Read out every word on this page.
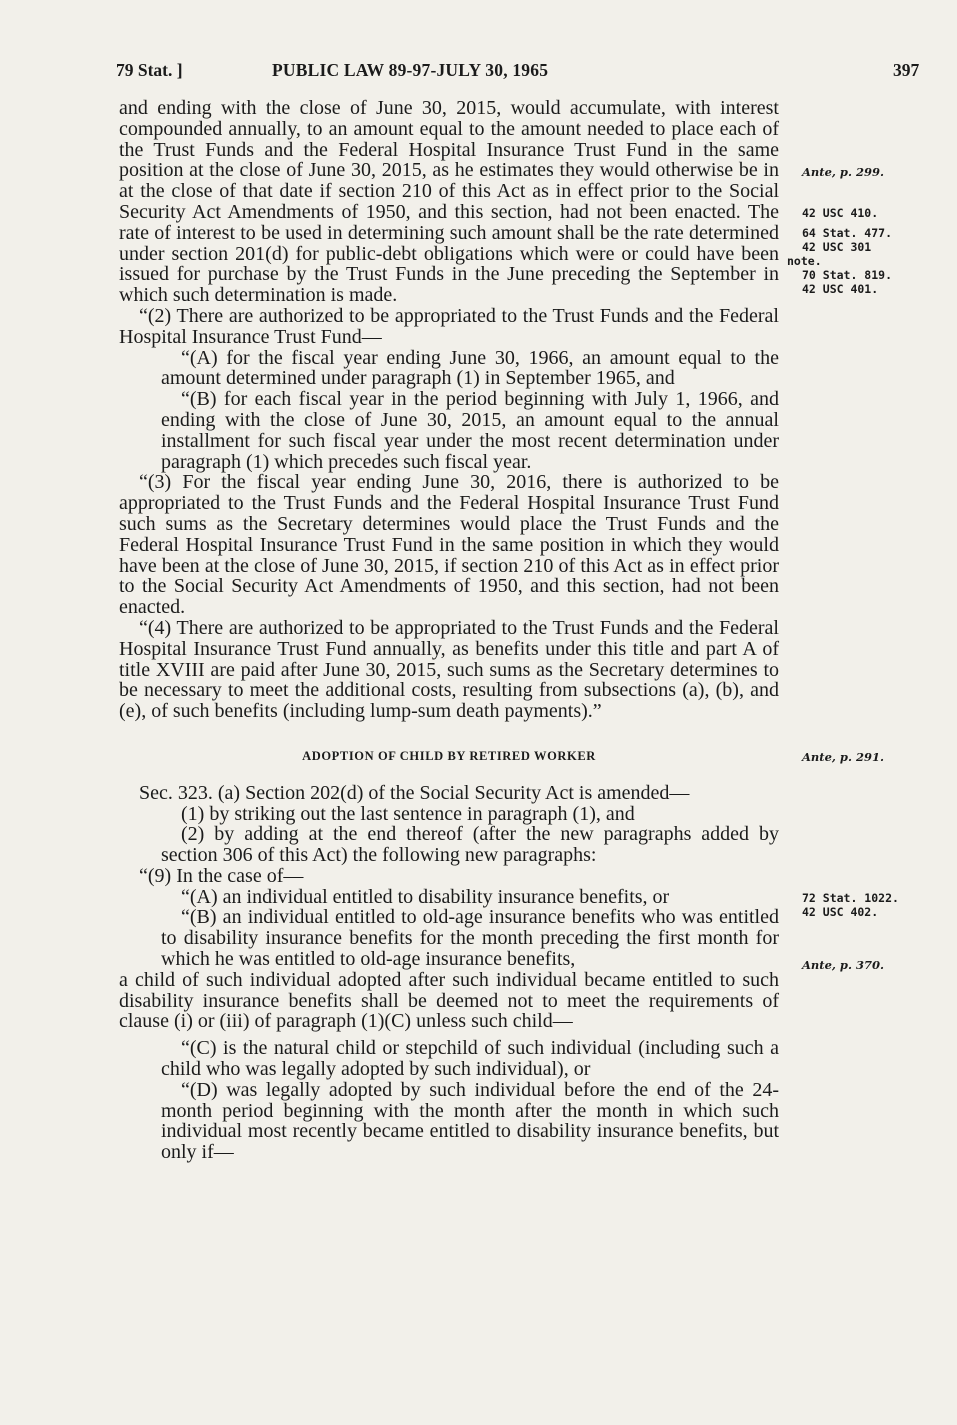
79 Stat. ]	PUBLIC LAW 89-97-JULY 30, 1965	397

and ending with the close of June 30, 2015, would accumulate, with interest compounded annually, to an amount equal to the amount needed to place each of the Trust Funds and the Federal Hospital Insurance Trust Fund in the same position at the close of June 30, 2015, as he estimates they would otherwise be in at the close of that date if section 210 of this Act as in effect prior to the Social Security Act Amendments of 1950, and this section, had not been enacted. The rate of interest to be used in determining such amount shall be the rate determined under section 201(d) for public-debt obligations which were or could have been issued for purchase by the Trust Funds in the June preceding the September in which such determination is made.

“(2) There are authorized to be appropriated to the Trust Funds and the Federal Hospital Insurance Trust Fund—

“(A) for the fiscal year ending June 30, 1966, an amount equal to the amount determined under paragraph (1) in September 1965, and

“(B) for each fiscal year in the period beginning with July 1, 1966, and ending with the close of June 30, 2015, an amount equal to the annual installment for such fiscal year under the most recent determination under paragraph (1) which precedes such fiscal year.

“(3) For the fiscal year ending June 30, 2016, there is authorized to be appropriated to the Trust Funds and the Federal Hospital Insurance Trust Fund such sums as the Secretary determines would place the Trust Funds and the Federal Hospital Insurance Trust Fund in the same position in which they would have been at the close of June 30, 2015, if section 210 of this Act as in effect prior to the Social Security Act Amendments of 1950, and this section, had not been enacted.

“(4) There are authorized to be appropriated to the Trust Funds and the Federal Hospital Insurance Trust Fund annually, as benefits under this title and part A of title XVIII are paid after June 30, 2015, such sums as the Secretary determines to be necessary to meet the additional costs, resulting from subsections (a), (b), and (e), of such benefits (including lump-sum death payments).”

ADOPTION OF CHILD BY RETIRED WORKER

Sec. 323. (a) Section 202(d) of the Social Security Act is amended—

(1) by striking out the last sentence in paragraph (1), and

(2) by adding at the end thereof (after the new paragraphs added by section 306 of this Act) the following new paragraphs:

“(9) In the case of—

“(A) an individual entitled to disability insurance benefits, or

“(B) an individual entitled to old-age insurance benefits who was entitled to disability insurance benefits for the month preceding the first month for which he was entitled to old-age insurance benefits,

a child of such individual adopted after such individual became entitled to such disability insurance benefits shall be deemed not to meet the requirements of clause (i) or (iii) of paragraph (1)(C) unless such child—

“(C) is the natural child or stepchild of such individual (including such a child who was legally adopted by such individual), or

“(D) was legally adopted by such individual before the end of the 24-month period beginning with the month after the month in which such individual most recently became entitled to disability insurance benefits, but only if—

Ante, p. 299.
42 USC 410.
64 Stat. 477.
42 USC 301
note.
70 Stat. 819.
42 USC 401.
Ante, p. 291.
72 Stat. 1022.
42 USC 402.
Ante, p. 370.
